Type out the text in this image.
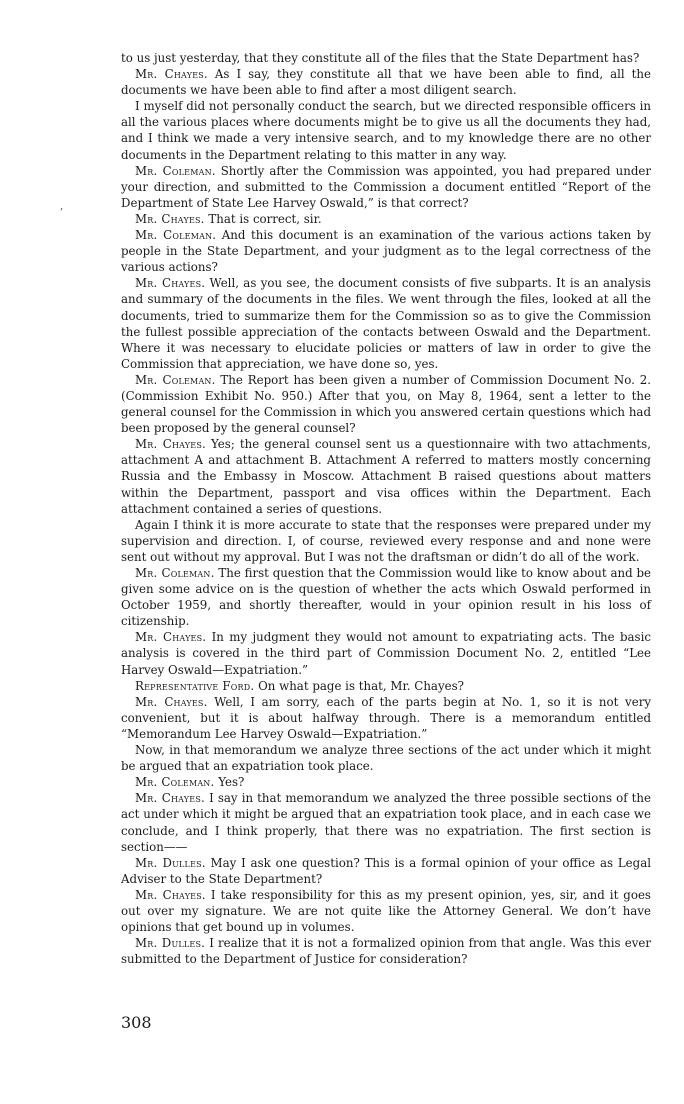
to us just yesterday, that they constitute all of the files that the State Department has?

Mr. Chayes. As I say, they constitute all that we have been able to find, all the documents we have been able to find after a most diligent search.

I myself did not personally conduct the search, but we directed responsible officers in all the various places where documents might be to give us all the documents they had, and I think we made a very intensive search, and to my knowledge there are no other documents in the Department relating to this matter in any way.

Mr. Coleman. Shortly after the Commission was appointed, you had prepared under your direction, and submitted to the Commission a document entitled “Report of the Department of State Lee Harvey Oswald,” is that correct?

Mr. Chayes. That is correct, sir.

Mr. Coleman. And this document is an examination of the various actions taken by people in the State Department, and your judgment as to the legal correctness of the various actions?

Mr. Chayes. Well, as you see, the document consists of five subparts. It is an analysis and summary of the documents in the files. We went through the files, looked at all the documents, tried to summarize them for the Commission so as to give the Commission the fullest possible appreciation of the contacts between Oswald and the Department. Where it was necessary to elucidate policies or matters of law in order to give the Commission that appreciation, we have done so, yes.

Mr. Coleman. The Report has been given a number of Commission Document No. 2. (Commission Exhibit No. 950.) After that you, on May 8, 1964, sent a letter to the general counsel for the Commission in which you answered certain questions which had been proposed by the general counsel?

Mr. Chayes. Yes; the general counsel sent us a questionnaire with two attachments, attachment A and attachment B. Attachment A referred to matters mostly concerning Russia and the Embassy in Moscow. Attachment B raised questions about matters within the Department, passport and visa offices within the Department. Each attachment contained a series of questions.

Again I think it is more accurate to state that the responses were prepared under my supervision and direction. I, of course, reviewed every response and and none were sent out without my approval. But I was not the draftsman or didn’t do all of the work.

Mr. Coleman. The first question that the Commission would like to know about and be given some advice on is the question of whether the acts which Oswald performed in October 1959, and shortly thereafter, would in your opinion result in his loss of citizenship.

Mr. Chayes. In my judgment they would not amount to expatriating acts. The basic analysis is covered in the third part of Commission Document No. 2, entitled “Lee Harvey Oswald—Expatriation.”

Representative Ford. On what page is that, Mr. Chayes?

Mr. Chayes. Well, I am sorry, each of the parts begin at No. 1, so it is not very convenient, but it is about halfway through. There is a memorandum entitled “Memorandum Lee Harvey Oswald—Expatriation.”

Now, in that memorandum we analyze three sections of the act under which it might be argued that an expatriation took place.

Mr. Coleman. Yes?

Mr. Chayes. I say in that memorandum we analyzed the three possible sections of the act under which it might be argued that an expatriation took place, and in each case we conclude, and I think properly, that there was no expatriation. The first section is section——

Mr. Dulles. May I ask one question? This is a formal opinion of your office as Legal Adviser to the State Department?

Mr. Chayes. I take responsibility for this as my present opinion, yes, sir, and it goes out over my signature. We are not quite like the Attorney General. We don’t have opinions that get bound up in volumes.

Mr. Dulles. I realize that it is not a formalized opinion from that angle. Was this ever submitted to the Department of Justice for consideration?

‚
308
